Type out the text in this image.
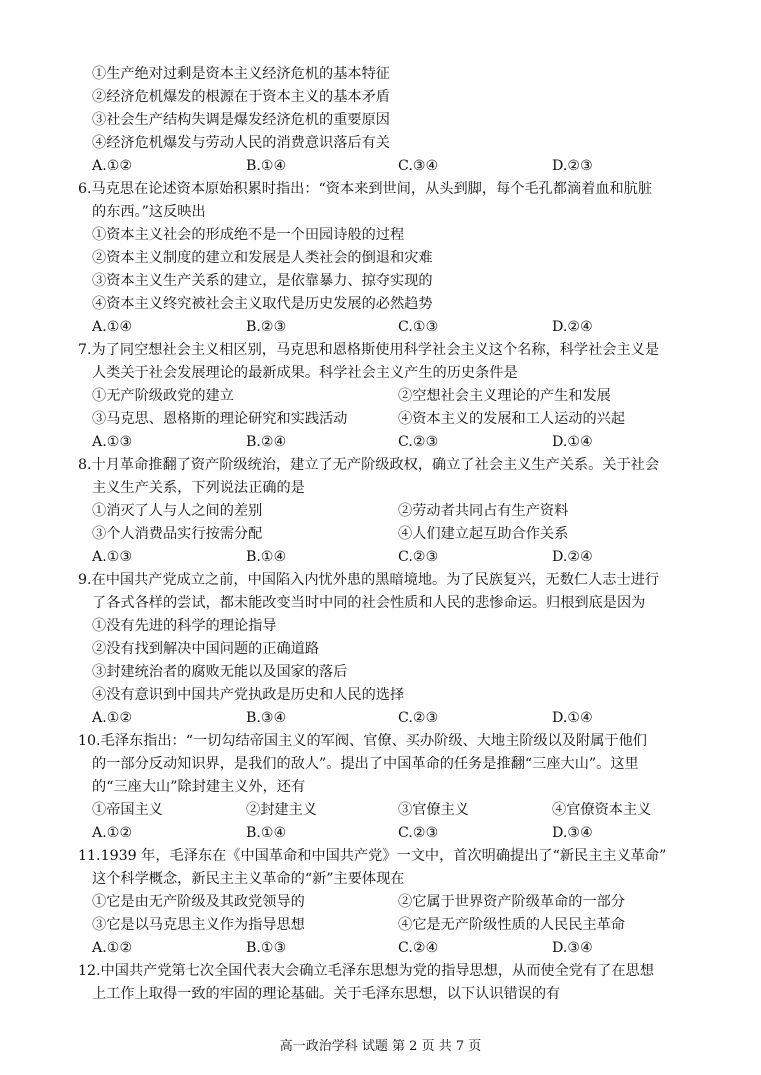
①生产绝对过剩是资本主义经济危机的基本特征
②经济危机爆发的根源在于资本主义的基本矛盾
③社会生产结构失调是爆发经济危机的重要原因
④经济危机爆发与劳动人民的消费意识落后有关
A.①②	B.①④	C.③④	D.②③
6.马克思在论述资本原始积累时指出：“资本来到世间，从头到脚，每个毛孔都滴着血和肮脏
的东西。”这反映出
①资本主义社会的形成绝不是一个田园诗般的过程
②资本主义制度的建立和发展是人类社会的倒退和灾难
③资本主义生产关系的建立，是依靠暴力、掠夺实现的
④资本主义终究被社会主义取代是历史发展的必然趋势
A.①④	B.②③	C.①③	D.②④
7.为了同空想社会主义相区别，马克思和恩格斯使用科学社会主义这个名称，科学社会主义是
人类关于社会发展理论的最新成果。科学社会主义产生的历史条件是
①无产阶级政党的建立	②空想社会主义理论的产生和发展
③马克思、恩格斯的理论研究和实践活动	④资本主义的发展和工人运动的兴起
A.①③	B.②④	C.②③	D.①④
8.十月革命推翻了资产阶级统治，建立了无产阶级政权，确立了社会主义生产关系。关于社会
主义生产关系，下列说法正确的是
①消灭了人与人之间的差别	②劳动者共同占有生产资料
③个人消费品实行按需分配	④人们建立起互助合作关系
A.①③	B.①④	C.②③	D.②④
9.在中国共产党成立之前，中国陷入内忧外患的黑暗境地。为了民族复兴，无数仁人志士进行
了各式各样的尝试，都未能改变当时中同的社会性质和人民的悲惨命运。归根到底是因为
①没有先进的科学的理论指导
②没有找到解决中国问题的正确道路
③封建统治者的腐败无能以及国家的落后
④没有意识到中国共产党执政是历史和人民的选择
A.①②	B.③④	C.②③	D.①④
10.毛泽东指出：“一切勾结帝国主义的军阀、官僚、买办阶级、大地主阶级以及附属于他们
的一部分反动知识界，是我们的敌人”。提出了中国革命的任务是推翻“三座大山”。这里
的“三座大山”除封建主义外，还有
①帝国主义	②封建主义	③官僚主义	④官僚资本主义
A.①②	B.①④	C.②③	D.③④
11.1939 年，毛泽东在《中国革命和中国共产党》一文中，首次明确提出了“新民主主义革命”
这个科学概念，新民主主义革命的“新”主要体现在
①它是由无产阶级及其政党领导的	②它属于世界资产阶级革命的一部分
③它是以马克思主义作为指导思想	④它是无产阶级性质的人民民主革命
A.①②	B.①③	C.②④	D.③④
12.中国共产党第七次全国代表大会确立毛泽东思想为党的指导思想，从而使全党有了在思想
上工作上取得一致的牢固的理论基础。关于毛泽东思想，以下认识错误的有
高一政治学科 试题 第 2 页 共 7 页
